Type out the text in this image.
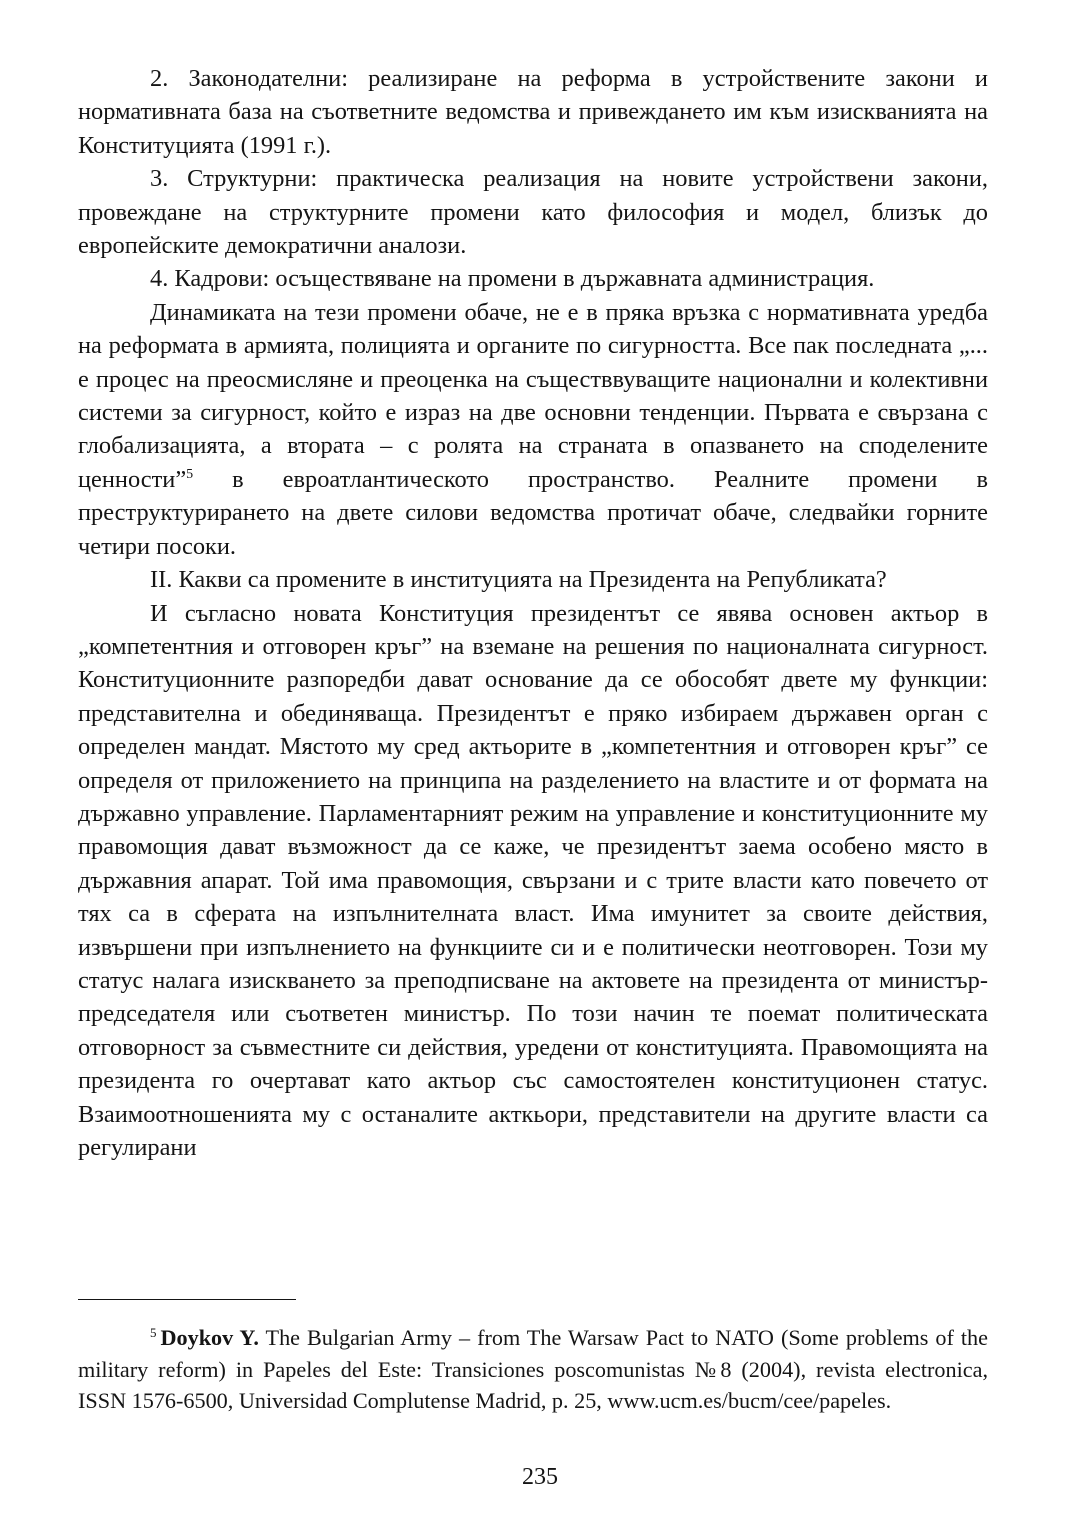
2. Законодателни: реализиране на реформа в устройствените закони и нормативната база на съответните ведомства и привеждането им към изискванията на Конституцията (1991 г.).

3. Структурни: практическа реализация на новите устройствени закони, провеждане на структурните промени като философия и модел, близък до европейските демократични аналози.

4. Кадрови: осъществяване на промени в държавната администрация.

Динамиката на тези промени обаче, не е в пряка връзка с нормативната уредба на реформата в армията, полицията и органите по сигурността. Все пак последната „... е процес на преосмисляне и преоценка на съществвуващите национални и колективни системи за сигурност, който е израз на две основни тенденции. Първата е свързана с глобализацията, а втората – с ролята на страната в опазването на споделените ценности”$^5$ в евроатлантическото пространство. Реалните промени в преструктурирането на двете силови ведомства протичат обаче, следвайки горните четири посоки.

II. Какви са промените в институцията на Президента на Републиката?

И съгласно новата Конституция президентът се явява основен актьор в „компетентния и отговорен кръг” на вземане на решения по националната сигурност. Конституционните разпоредби дават основание да се обособят двете му функции: представителна и обединяваща. Президентът е пряко избираем държавен орган с определен мандат. Мястото му сред актьорите в „компетентния и отговорен кръг” се определя от приложението на принципа на разделението на властите и от формата на държавно управление. Парламентарният режим на управление и конституционните му правомощия дават възможност да се каже, че президентът заема особено място в държавния апарат. Той има правомощия, свързани и с трите власти като повечето от тях са в сферата на изпълнителната власт. Има имунитет за своите действия, извършени при изпълнението на функциите си и е политически неотговорен. Този му статус налага изискването за преподписване на актовете на президента от министър-председателя или съответен министър. По този начин те поемат политическата отговорност за съвместните си действия, уредени от конституцията. Правомощията на президента го очертават като актьор със самостоятелен конституционен статус. Взаимоотношенията му с останалите акткьори, представители на другите власти са регулирани

$^5$ Doykov Y. The Bulgarian Army – from The Warsaw Pact to NATO (Some problems of the military reform) in Papeles del Este: Transiciones poscomunistas №8 (2004), revista electronica, ISSN 1576-6500, Universidad Complutense Madrid, p. 25, www.ucm.es/bucm/cee/papeles.

235
